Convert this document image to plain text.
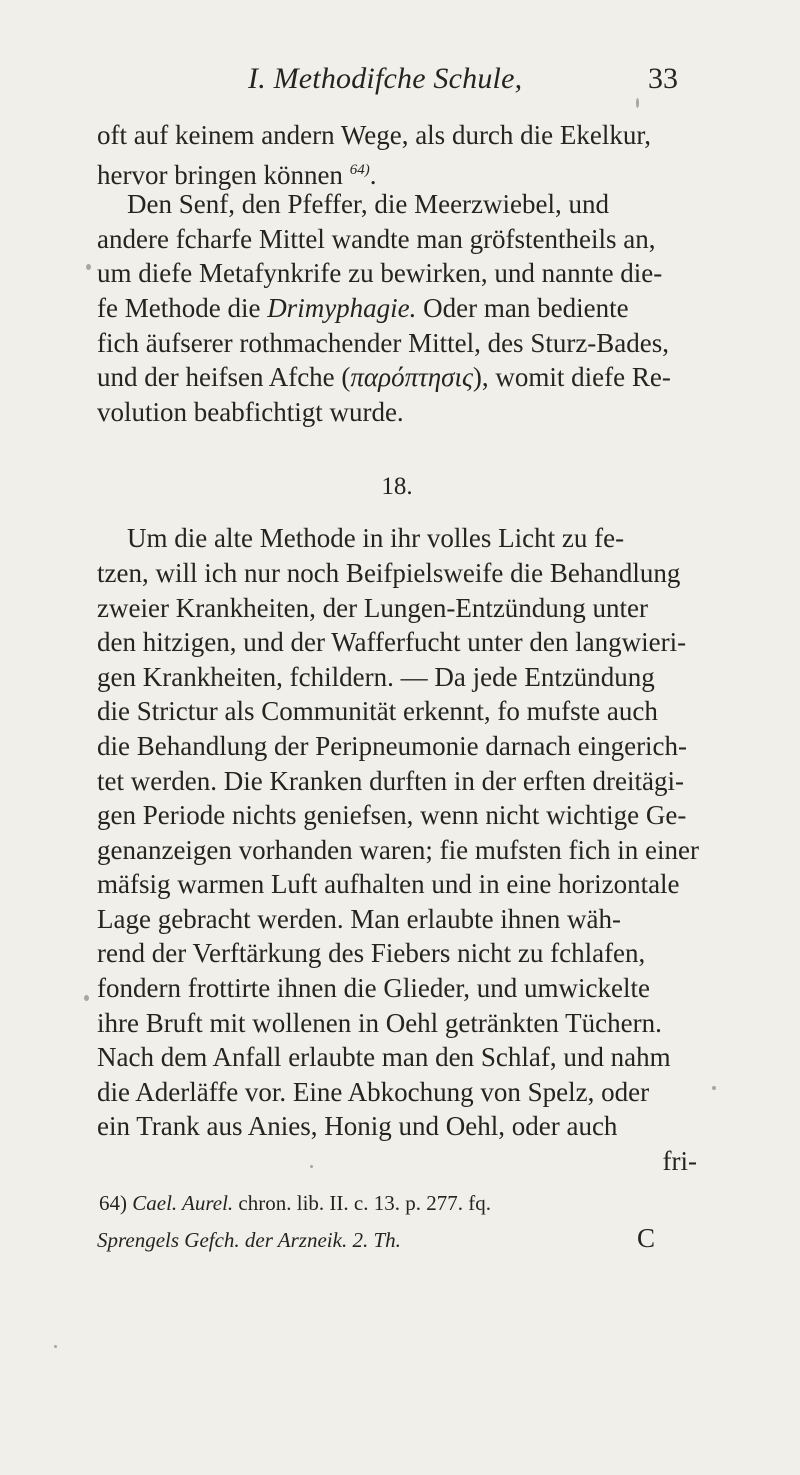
I. Methodifche Schule,	33
oft auf keinem andern Wege, als durch die Ekelkur,
hervor bringen können $^{64)}$.
Den Senf, den Pfeffer, die Meerzwiebel, und
andere fcharfe Mittel wandte man gröfstentheils an,
um diefe Metafynkrife zu bewirken, und nannte die-
fe Methode die Drimyphagie. Oder man bediente
fich äufserer rothmachender Mittel, des Sturz-Bades,
und der heifsen Afche (παρόπτησις), womit diefe Re-
volution beabfichtigt wurde.
18.
Um die alte Methode in ihr volles Licht zu fe-
tzen, will ich nur noch Beifpielsweife die Behandlung
zweier Krankheiten, der Lungen-Entzündung unter
den hitzigen, und der Wafferfucht unter den langwieri-
gen Krankheiten, fchildern. — Da jede Entzündung
die Strictur als Communität erkennt, fo mufste auch
die Behandlung der Peripneumonie darnach eingerich-
tet werden. Die Kranken durften in der erften dreitägi-
gen Periode nichts geniefsen, wenn nicht wichtige Ge-
genanzeigen vorhanden waren; fie mufsten fich in einer
mäfsig warmen Luft aufhalten und in eine horizontale
Lage gebracht werden. Man erlaubte ihnen wäh-
rend der Verftärkung des Fiebers nicht zu fchlafen,
fondern frottirte ihnen die Glieder, und umwickelte
ihre Bruft mit wollenen in Oehl getränkten Tüchern.
Nach dem Anfall erlaubte man den Schlaf, und nahm
die Aderläffe vor. Eine Abkochung von Spelz, oder
ein Trank aus Anies, Honig und Oehl, oder auch
fri-
64) Cael. Aurel. chron. lib. II. c. 13. p. 277. fq.
Sprengels Gefch. der Arzneik. 2. Th.	C
